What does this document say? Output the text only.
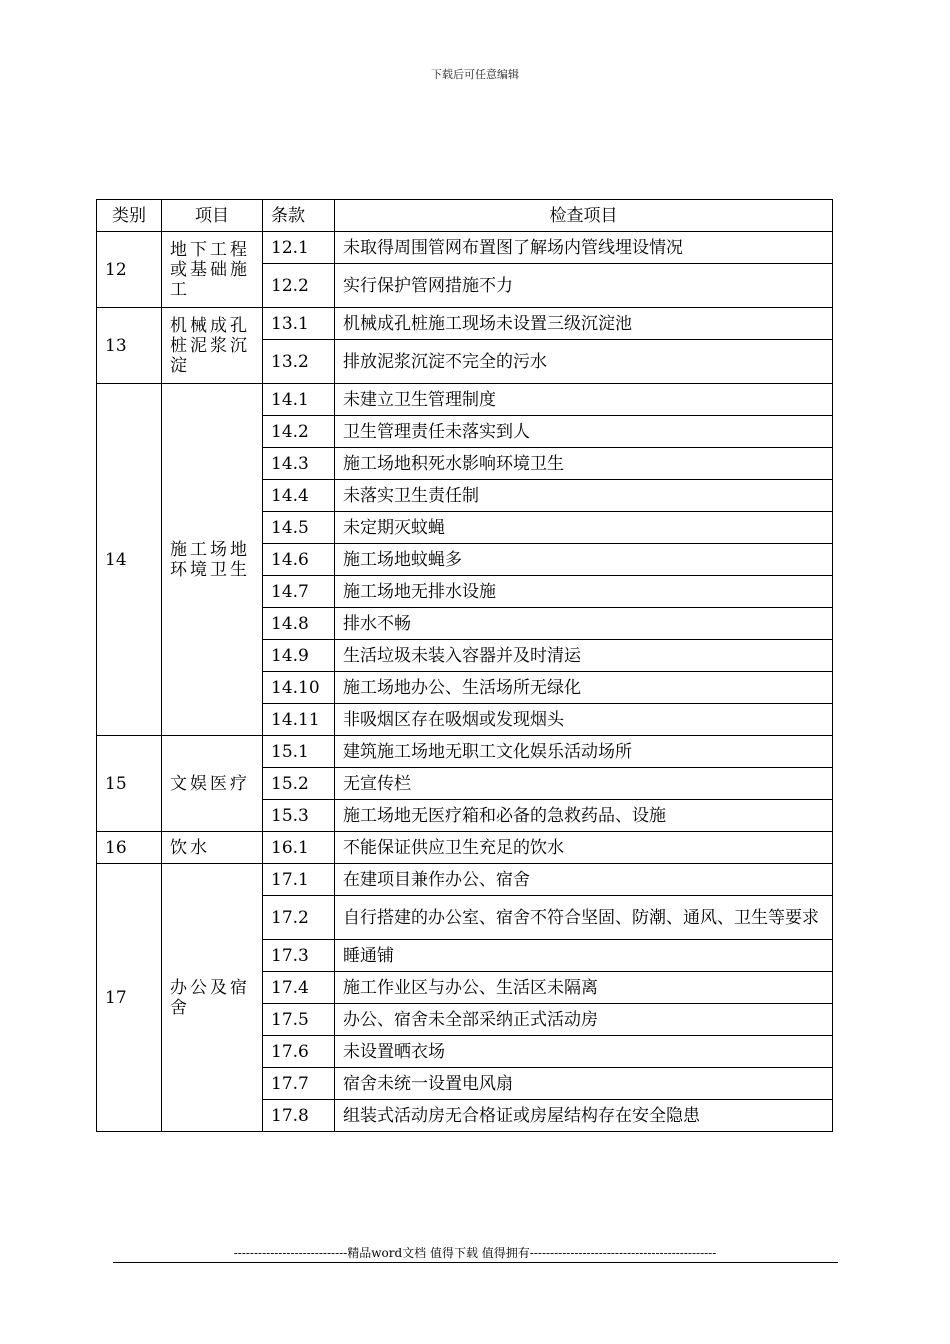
下载后可任意编辑
类别	项目	条款	检查项目
12	地下工程或基础施工	12.1	未取得周围管网布置图了解场内管线埋设情况
		12.2	实行保护管网措施不力
13	机械成孔桩泥浆沉淀	13.1	机械成孔桩施工现场未设置三级沉淀池
		13.2	排放泥浆沉淀不完全的污水
14	施工场地环境卫生	14.1	未建立卫生管理制度
		14.2	卫生管理责任未落实到人
		14.3	施工场地积死水影响环境卫生
		14.4	未落实卫生责任制
		14.5	未定期灭蚊蝇
		14.6	施工场地蚊蝇多
		14.7	施工场地无排水设施
		14.8	排水不畅
		14.9	生活垃圾未装入容器并及时清运
		14.10	施工场地办公、生活场所无绿化
		14.11	非吸烟区存在吸烟或发现烟头
15	文娱医疗	15.1	建筑施工场地无职工文化娱乐活动场所
		15.2	无宣传栏
		15.3	施工场地无医疗箱和必备的急救药品、设施
16	饮水	16.1	不能保证供应卫生充足的饮水
17	办公及宿舍	17.1	在建项目兼作办公、宿舍
		17.2	自行搭建的办公室、宿舍不符合坚固、防潮、通风、卫生等要求
		17.3	睡通铺
		17.4	施工作业区与办公、生活区未隔离
		17.5	办公、宿舍未全部采纳正式活动房
		17.6	未设置晒衣场
		17.7	宿舍未统一设置电风扇
		17.8	组装式活动房无合格证或房屋结构存在安全隐患
----------------------------精品word文档 值得下载 值得拥有----------------------------------------------
